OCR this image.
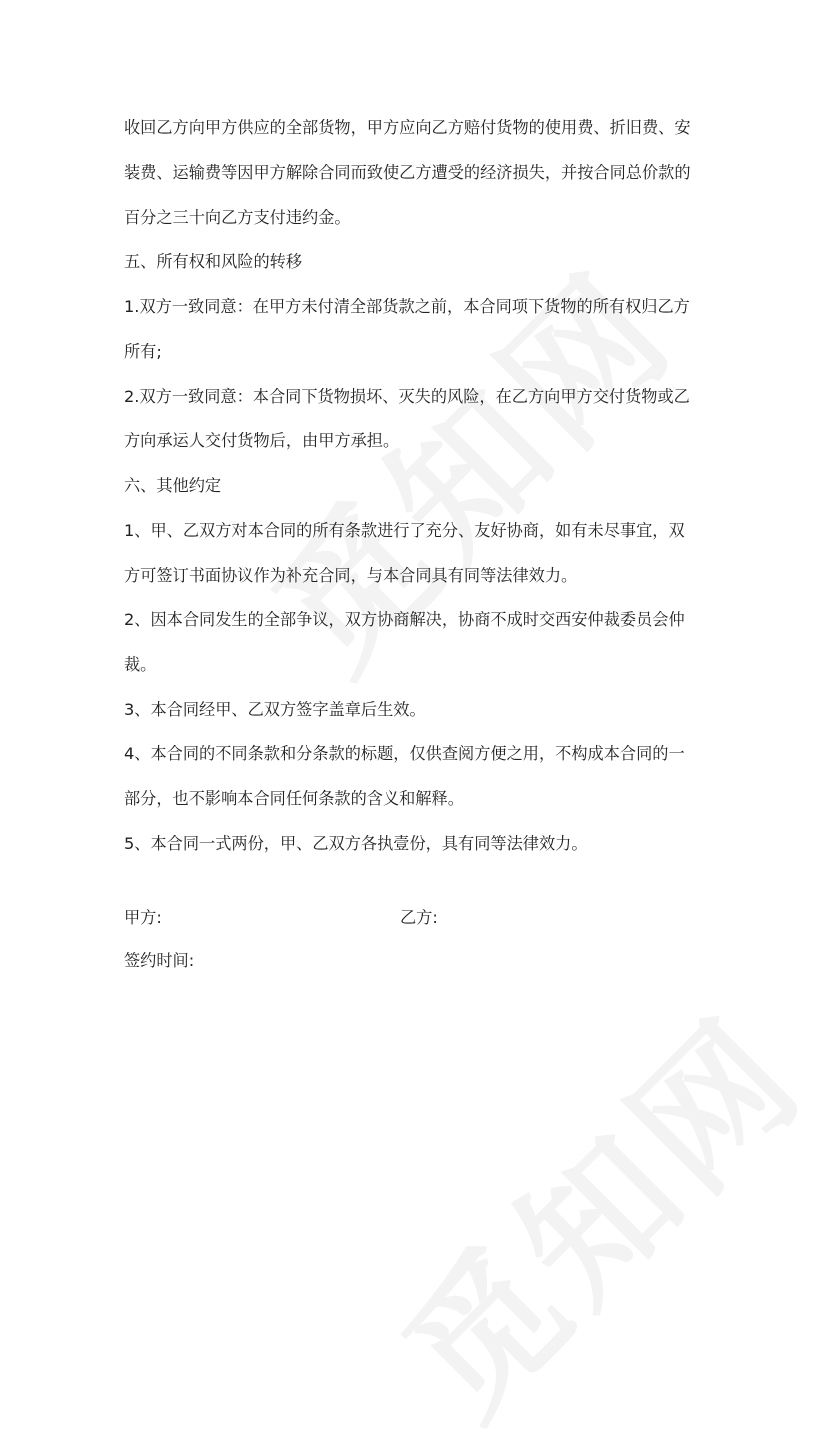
收回乙方向甲方供应的全部货物，甲方应向乙方赔付货物的使用费、折旧费、安
装费、运输费等因甲方解除合同而致使乙方遭受的经济损失，并按合同总价款的
百分之三十向乙方支付违约金。
五、所有权和风险的转移
1.双方一致同意：在甲方未付清全部货款之前，本合同项下货物的所有权归乙方
所有;
2.双方一致同意：本合同下货物损坏、灭失的风险，在乙方向甲方交付货物或乙
方向承运人交付货物后，由甲方承担。
六、其他约定
1、甲、乙双方对本合同的所有条款进行了充分、友好协商，如有未尽事宜，双
方可签订书面协议作为补充合同，与本合同具有同等法律效力。
2、因本合同发生的全部争议，双方协商解决，协商不成时交西安仲裁委员会仲
裁。
3、本合同经甲、乙双方签字盖章后生效。
4、本合同的不同条款和分条款的标题，仅供查阅方便之用，不构成本合同的一
部分，也不影响本合同任何条款的含义和解释。
5、本合同一式两份，甲、乙双方各执壹份，具有同等法律效力。
甲方:	乙方:
签约时间:
